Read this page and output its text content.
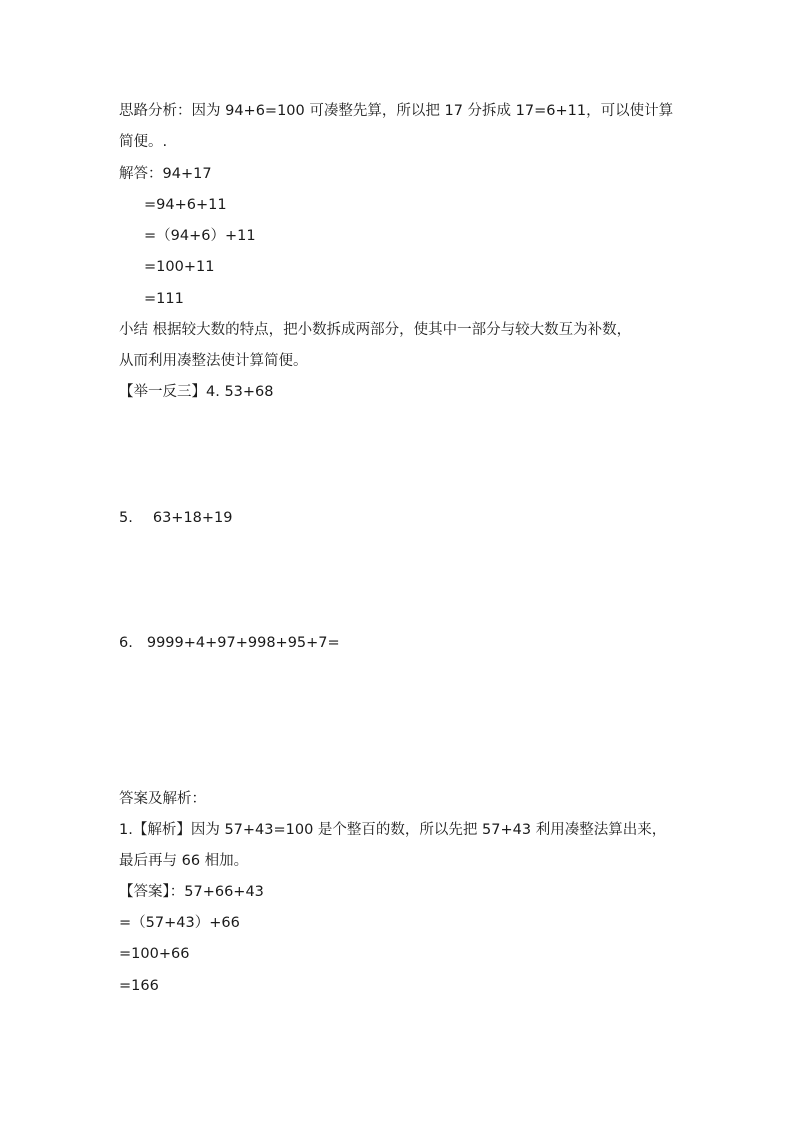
思路分析：因为 94+6=100 可凑整先算，所以把 17 分拆成 17=6+11，可以使计算
简便。.
解答：94+17
=94+6+11
=（94+6）+11
=100+11
=111
小结 根据较大数的特点，把小数拆成两部分，使其中一部分与较大数互为补数，
从而利用凑整法使计算简便。
【举一反三】4. 53+68
5. 63+18+19
6. 9999+4+97+998+95+7=
答案及解析：
1.【解析】因为 57+43=100 是个整百的数，所以先把 57+43 利用凑整法算出来，
最后再与 66 相加。
【答案】：57+66+43
=（57+43）+66
=100+66
=166
